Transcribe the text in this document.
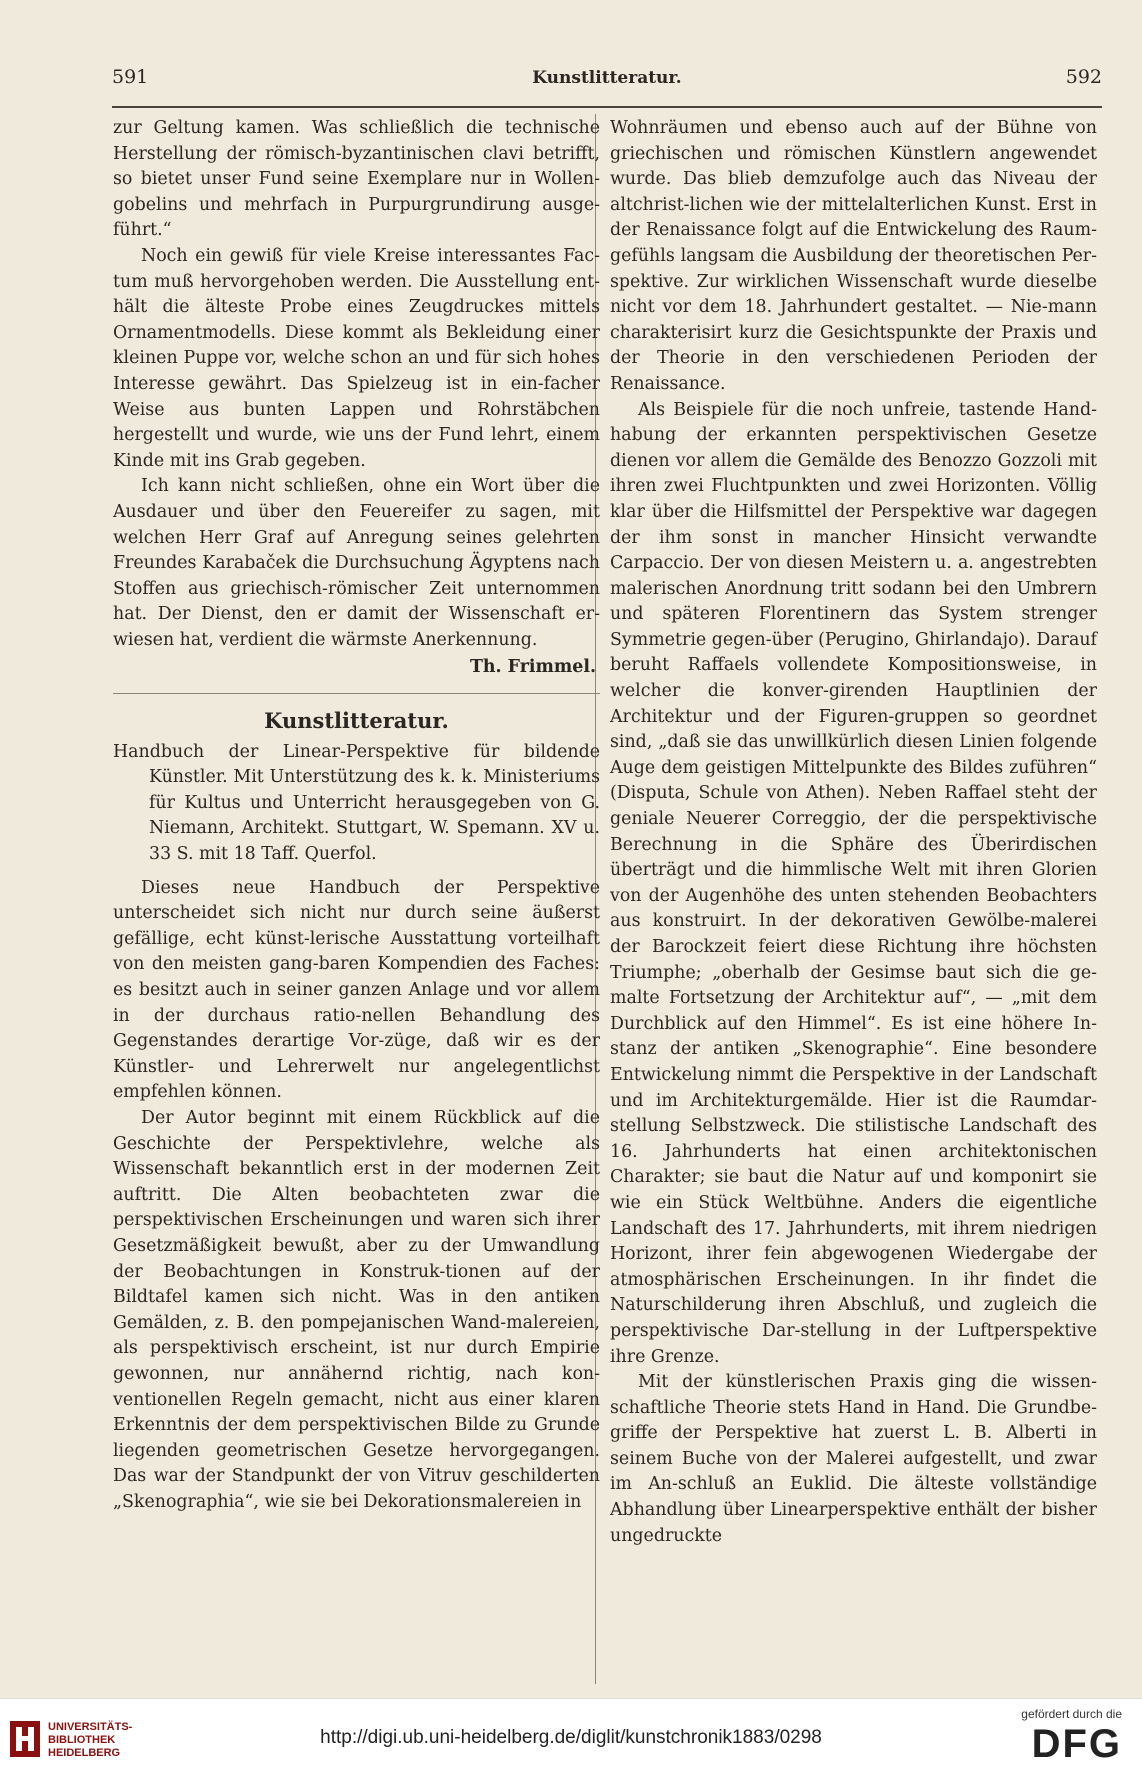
591	Kunstlitteratur.	592

zur Geltung kamen. Was schließlich die technische Herstellung der römisch-byzantinischen clavi betrifft, so bietet unser Fund seine Exemplare nur in Wollen-gobelins und mehrfach in Purpurgrundirung ausge-führt.“

Noch ein gewiß für viele Kreise interessantes Fac-tum muß hervorgehoben werden. Die Ausstellung ent-hält die älteste Probe eines Zeugdruckes mittels Ornamentmodells. Diese kommt als Bekleidung einer kleinen Puppe vor, welche schon an und für sich hohes Interesse gewährt. Das Spielzeug ist in ein-facher Weise aus bunten Lappen und Rohrstäbchen hergestellt und wurde, wie uns der Fund lehrt, einem Kinde mit ins Grab gegeben.

Ich kann nicht schließen, ohne ein Wort über die Ausdauer und über den Feuereifer zu sagen, mit welchen Herr Graf auf Anregung seines gelehrten Freundes Karabaček die Durchsuchung Ägyptens nach Stoffen aus griechisch-römischer Zeit unternommen hat. Der Dienst, den er damit der Wissenschaft er-wiesen hat, verdient die wärmste Anerkennung.

Th. Frimmel.

Kunstlitteratur.

Handbuch der Linear-Perspektive für bildende Künstler. Mit Unterstützung des k. k. Ministeriums für Kultus und Unterricht herausgegeben von G. Niemann, Architekt. Stuttgart, W. Spemann. XV u. 33 S. mit 18 Taff. Querfol.

Dieses neue Handbuch der Perspektive unterscheidet sich nicht nur durch seine äußerst gefällige, echt künst-lerische Ausstattung vorteilhaft von den meisten gang-baren Kompendien des Faches: es besitzt auch in seiner ganzen Anlage und vor allem in der durchaus ratio-nellen Behandlung des Gegenstandes derartige Vor-züge, daß wir es der Künstler- und Lehrerwelt nur angelegentlichst empfehlen können.

Der Autor beginnt mit einem Rückblick auf die Geschichte der Perspektivlehre, welche als Wissenschaft bekanntlich erst in der modernen Zeit auftritt. Die Alten beobachteten zwar die perspektivischen Erscheinungen und waren sich ihrer Gesetzmäßigkeit bewußt, aber zu der Umwandlung der Beobachtungen in Konstruk-tionen auf der Bildtafel kamen sich nicht. Was in den antiken Gemälden, z. B. den pompejanischen Wand-malereien, als perspektivisch erscheint, ist nur durch Empirie gewonnen, nur annähernd richtig, nach kon-ventionellen Regeln gemacht, nicht aus einer klaren Erkenntnis der dem perspektivischen Bilde zu Grunde liegenden geometrischen Gesetze hervorgegangen. Das war der Standpunkt der von Vitruv geschilderten „Skenographia“, wie sie bei Dekorationsmalereien in

Wohnräumen und ebenso auch auf der Bühne von griechischen und römischen Künstlern angewendet wurde. Das blieb demzufolge auch das Niveau der altchrist-lichen wie der mittelalterlichen Kunst. Erst in der Renaissance folgt auf die Entwickelung des Raum-gefühls langsam die Ausbildung der theoretischen Per-spektive. Zur wirklichen Wissenschaft wurde dieselbe nicht vor dem 18. Jahrhundert gestaltet. — Nie-mann charakterisirt kurz die Gesichtspunkte der Praxis und der Theorie in den verschiedenen Perioden der Renaissance.

Als Beispiele für die noch unfreie, tastende Hand-habung der erkannten perspektivischen Gesetze dienen vor allem die Gemälde des Benozzo Gozzoli mit ihren zwei Fluchtpunkten und zwei Horizonten. Völlig klar über die Hilfsmittel der Perspektive war dagegen der ihm sonst in mancher Hinsicht verwandte Carpaccio. Der von diesen Meistern u. a. angestrebten malerischen Anordnung tritt sodann bei den Umbrern und späteren Florentinern das System strenger Symmetrie gegen-über (Perugino, Ghirlandajo). Darauf beruht Raffaels vollendete Kompositionsweise, in welcher die konver-girenden Hauptlinien der Architektur und der Figuren-gruppen so geordnet sind, „daß sie das unwillkürlich diesen Linien folgende Auge dem geistigen Mittelpunkte des Bildes zuführen“ (Disputa, Schule von Athen). Neben Raffael steht der geniale Neuerer Correggio, der die perspektivische Berechnung in die Sphäre des Überirdischen überträgt und die himmlische Welt mit ihren Glorien von der Augenhöhe des unten stehenden Beobachters aus konstruirt. In der dekorativen Gewölbe-malerei der Barockzeit feiert diese Richtung ihre höchsten Triumphe; „oberhalb der Gesimse baut sich die ge-malte Fortsetzung der Architektur auf“, — „mit dem Durchblick auf den Himmel“. Es ist eine höhere In-stanz der antiken „Skenographie“. Eine besondere Entwickelung nimmt die Perspektive in der Landschaft und im Architekturgemälde. Hier ist die Raumdar-stellung Selbstzweck. Die stilistische Landschaft des 16. Jahrhunderts hat einen architektonischen Charakter; sie baut die Natur auf und komponirt sie wie ein Stück Weltbühne. Anders die eigentliche Landschaft des 17. Jahrhunderts, mit ihrem niedrigen Horizont, ihrer fein abgewogenen Wiedergabe der atmosphärischen Erscheinungen. In ihr findet die Naturschilderung ihren Abschluß, und zugleich die perspektivische Dar-stellung in der Luftperspektive ihre Grenze.

Mit der künstlerischen Praxis ging die wissen-schaftliche Theorie stets Hand in Hand. Die Grundbe-griffe der Perspektive hat zuerst L. B. Alberti in seinem Buche von der Malerei aufgestellt, und zwar im An-schluß an Euklid. Die älteste vollständige Abhandlung über Linearperspektive enthält der bisher ungedruckte

UNIVERSITÄTS-
BIBLIOTHEK
HEIDELBERG
http://digi.ub.uni-heidelberg.de/diglit/kunstchronik1883/0298
gefördert durch die
DFG
